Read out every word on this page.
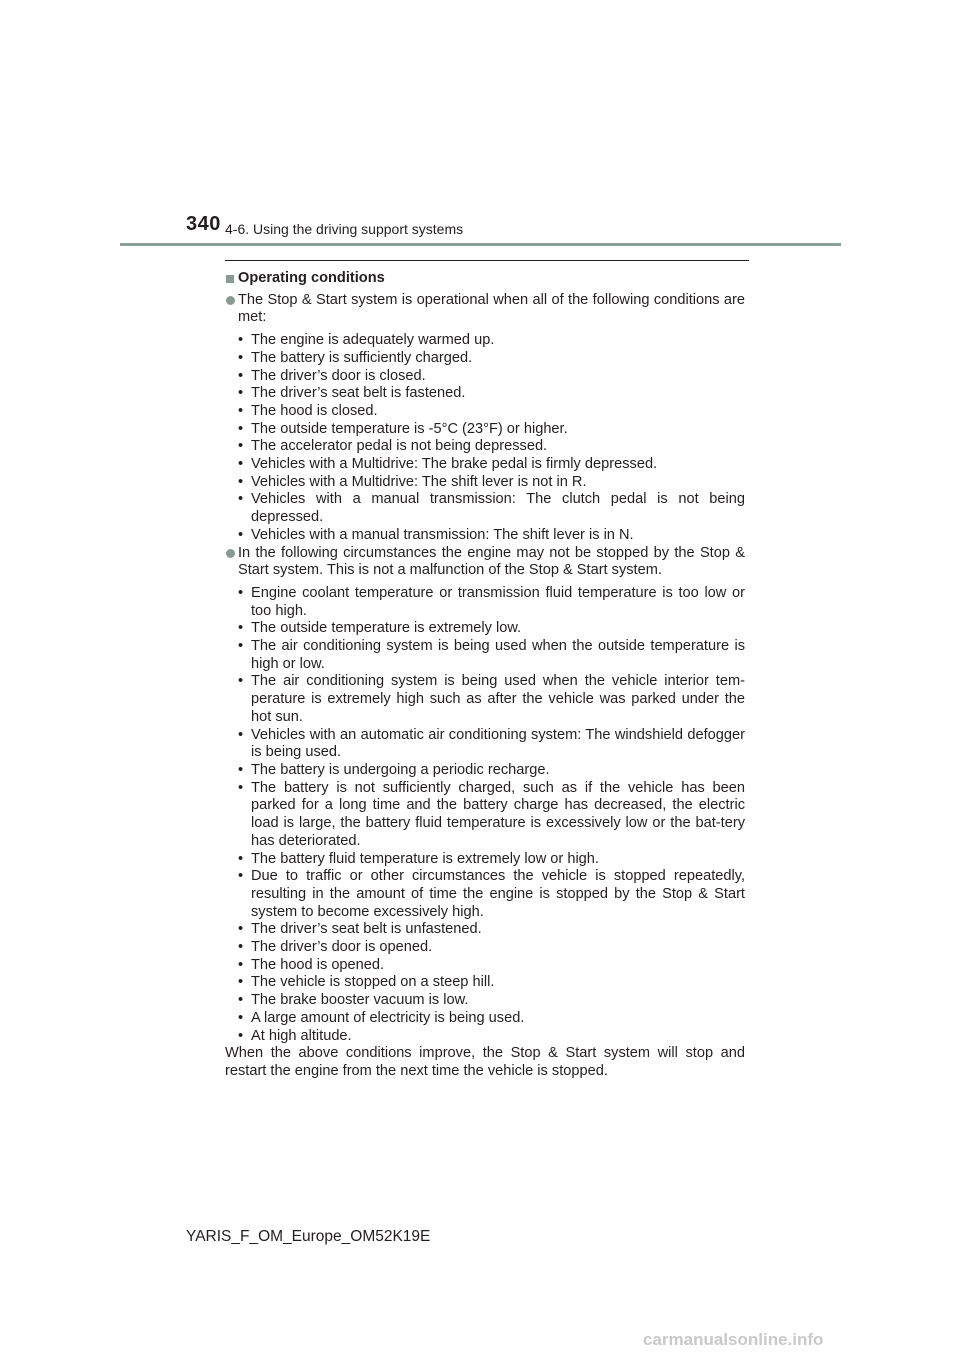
340 4-6. Using the driving support systems
Operating conditions
The Stop & Start system is operational when all of the following conditions are met:
• The engine is adequately warmed up.
• The battery is sufficiently charged.
• The driver’s door is closed.
• The driver’s seat belt is fastened.
• The hood is closed.
• The outside temperature is -5°C (23°F) or higher.
• The accelerator pedal is not being depressed.
• Vehicles with a Multidrive: The brake pedal is firmly depressed.
• Vehicles with a Multidrive: The shift lever is not in R.
• Vehicles with a manual transmission: The clutch pedal is not being depressed.
• Vehicles with a manual transmission: The shift lever is in N.
In the following circumstances the engine may not be stopped by the Stop & Start system. This is not a malfunction of the Stop & Start system.
• Engine coolant temperature or transmission fluid temperature is too low or too high.
• The outside temperature is extremely low.
• The air conditioning system is being used when the outside temperature is high or low.
• The air conditioning system is being used when the vehicle interior tem-perature is extremely high such as after the vehicle was parked under the hot sun.
• Vehicles with an automatic air conditioning system: The windshield defogger is being used.
• The battery is undergoing a periodic recharge.
• The battery is not sufficiently charged, such as if the vehicle has been parked for a long time and the battery charge has decreased, the electric load is large, the battery fluid temperature is excessively low or the bat-tery has deteriorated.
• The battery fluid temperature is extremely low or high.
• Due to traffic or other circumstances the vehicle is stopped repeatedly, resulting in the amount of time the engine is stopped by the Stop & Start system to become excessively high.
• The driver’s seat belt is unfastened.
• The driver’s door is opened.
• The hood is opened.
• The vehicle is stopped on a steep hill.
• The brake booster vacuum is low.
• A large amount of electricity is being used.
• At high altitude.
When the above conditions improve, the Stop & Start system will stop and restart the engine from the next time the vehicle is stopped.
YARIS_F_OM_Europe_OM52K19E
carmanualsonline.info
